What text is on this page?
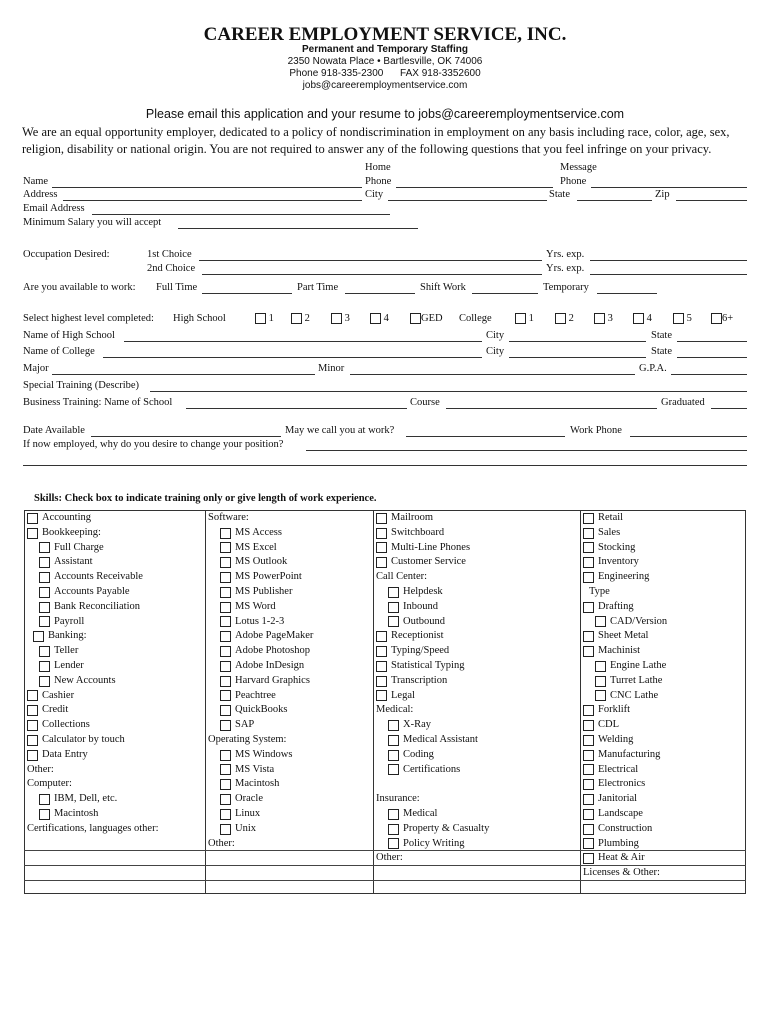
CAREER EMPLOYMENT SERVICE, INC.
Permanent and Temporary Staffing
2350 Nowata Place • Bartlesville, OK 74006
Phone 918-335-2300 FAX 918-3352600
jobs@careeremploymentservice.com
Please email this application and your resume to jobs@careeremploymentservice.com
We are an equal opportunity employer, dedicated to a policy of nondiscrimination in employment on any basis including race, color, age, sex, religion, disability or national origin. You are not required to answer any of the following questions that you feel infringe on your privacy.
Home	Message
Name	Phone	Phone
Address	City	State	Zip
Email Address
Minimum Salary you will accept
Occupation Desired:	1st Choice	Yrs. exp.
2nd Choice	Yrs. exp.
Are you available to work: Full Time	Part Time	Shift Work	Temporary
Select highest level completed: High School	1	2	3	4	GED College	1	2	3	4	5	6+
Name of High School	City	State
Name of College	City	State
Major	Minor	G.P.A.
Special Training (Describe)
Business Training: Name of School	Course	Graduated
Date Available	May we call you at work?	Work Phone
If now employed, why do you desire to change your position?
Skills: Check box to indicate training only or give length of work experience.
Accounting
Bookkeeping:
Full Charge
Assistant
Accounts Receivable
Accounts Payable
Bank Reconciliation
Payroll
Banking:
Teller
Lender
New Accounts
Cashier
Credit
Collections
Calculator by touch
Data Entry
Other:
Computer:
IBM, Dell, etc.
Macintosh
Certifications, languages other:
Software:
MS Access
MS Excel
MS Outlook
MS PowerPoint
MS Publisher
MS Word
Lotus 1-2-3
Adobe PageMaker
Adobe Photoshop
Adobe InDesign
Harvard Graphics
Peachtree
QuickBooks
SAP
Operating System:
MS Windows
MS Vista
Macintosh
Oracle
Linux
Unix
Other:
Mailroom
Switchboard
Multi-Line Phones
Customer Service
Call Center:
Helpdesk
Inbound
Outbound
Receptionist
Typing/Speed
Statistical Typing
Transcription
Legal
Medical:
X-Ray
Medical Assistant
Coding
Certifications
Insurance:
Medical
Property & Casualty
Policy Writing
Other:
Retail
Sales
Stocking
Inventory
Engineering
Type
Drafting
CAD/Version
Sheet Metal
Machinist
Engine Lathe
Turret Lathe
CNC Lathe
Forklift
CDL
Welding
Manufacturing
Electrical
Electronics
Janitorial
Landscape
Construction
Plumbing
Heat & Air
Licenses & Other:
